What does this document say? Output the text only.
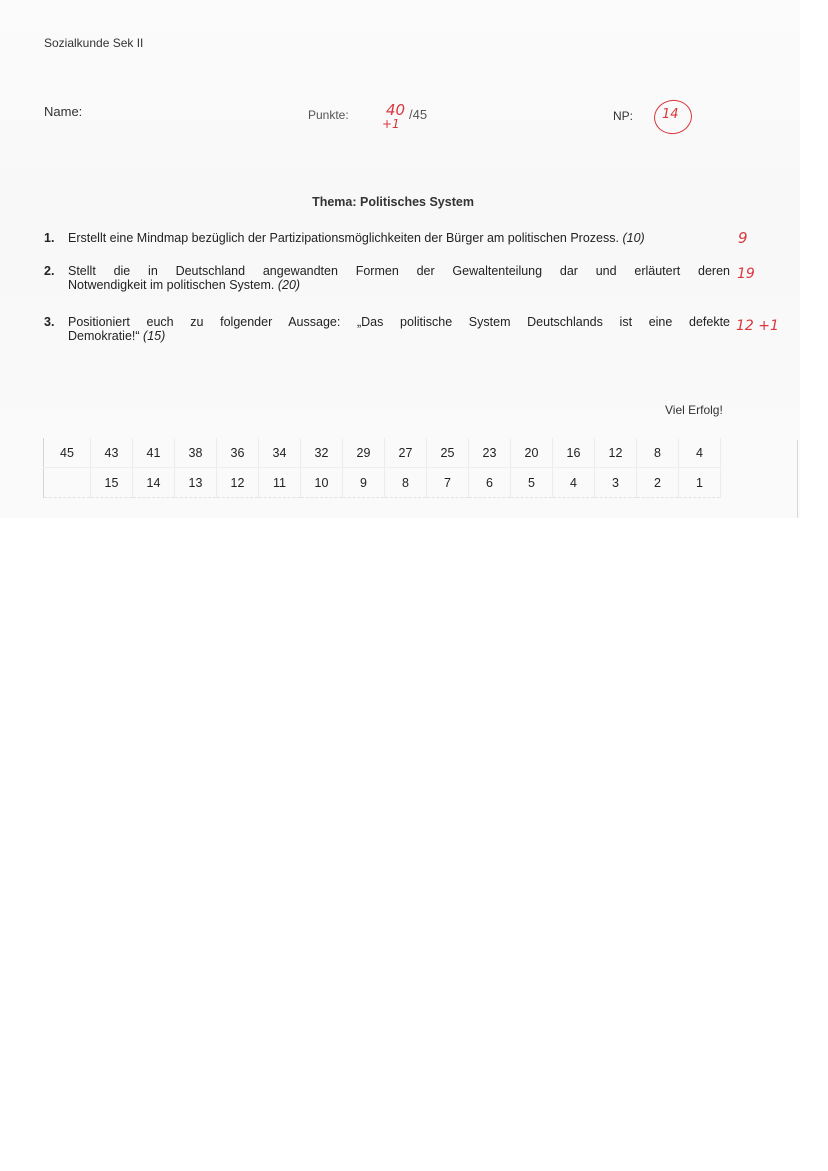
Sozialkunde Sek II
Name:	Punkte: 40
+1
/45	NP: 14
Thema: Politisches System
1. Erstellt eine Mindmap bezüglich der Partizipationsmöglichkeiten der Bürger am politischen Prozess. (10)	9
2. Stellt die in Deutschland angewandten Formen der Gewaltenteilung dar und erläutert deren
Notwendigkeit im politischen System. (20)
19
3. Positioniert euch zu folgender Aussage: „Das politische System Deutschlands ist eine defekte
Demokratie!“ (15)
12 +1
Viel Erfolg!
45	43	41	38	36	34	32	29	27	25	23	20	16	12	8	4
	15	14	13	12	11	10	9	8	7	6	5	4	3	2	1
